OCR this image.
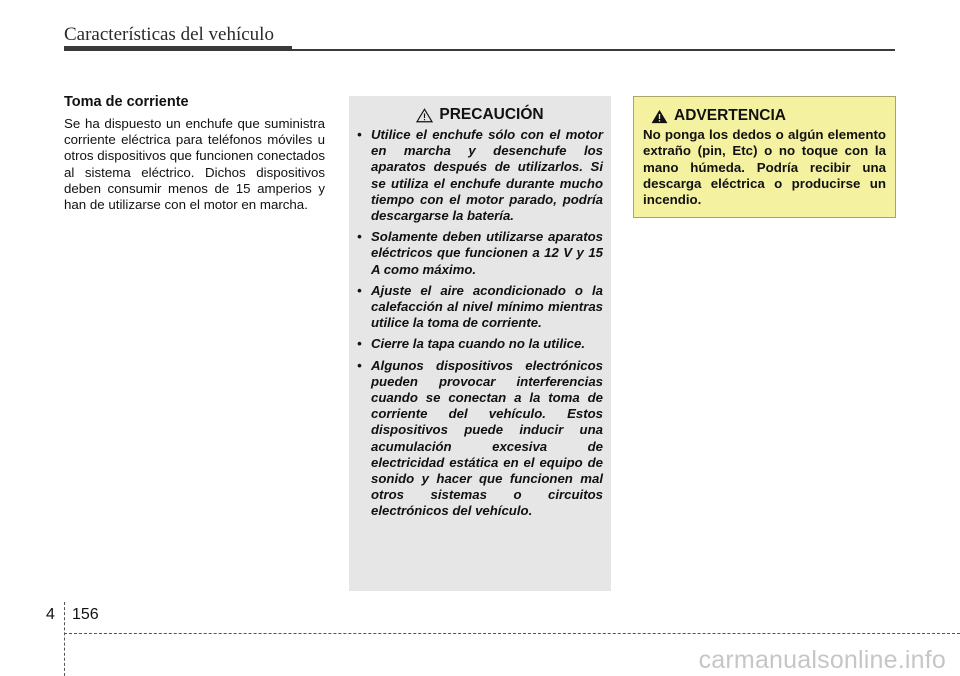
Características del vehículo
Toma de corriente

Se ha dispuesto un enchufe que suministra corriente eléctrica para teléfonos móviles u otros dispositivos que funcionen conectados al sistema eléctrico. Dichos dispositivos deben consumir menos de 15 amperios y han de utilizarse con el motor en marcha.

PRECAUCIÓN
• Utilice el enchufe sólo con el motor en marcha y desenchufe los aparatos después de utilizarlos. Si se utiliza el enchufe durante mucho tiempo con el motor parado, podría descargarse la batería.
• Solamente deben utilizarse aparatos eléctricos que funcionen a 12 V y 15 A como máximo.
• Ajuste el aire acondicionado o la calefacción al nivel mínimo mientras utilice la toma de corriente.
• Cierre la tapa cuando no la utilice.
• Algunos dispositivos electrónicos pueden provocar interferencias cuando se conectan a la toma de corriente del vehículo. Estos dispositivos puede inducir una acumulación excesiva de electricidad estática en el equipo de sonido y hacer que funcionen mal otros sistemas o circuitos electrónicos del vehículo.
ADVERTENCIA

No ponga los dedos o algún elemento extraño (pin, Etc) o no toque con la mano húmeda. Podría recibir una descarga eléctrica o producirse un incendio.

4 156
carmanualsonline.info
